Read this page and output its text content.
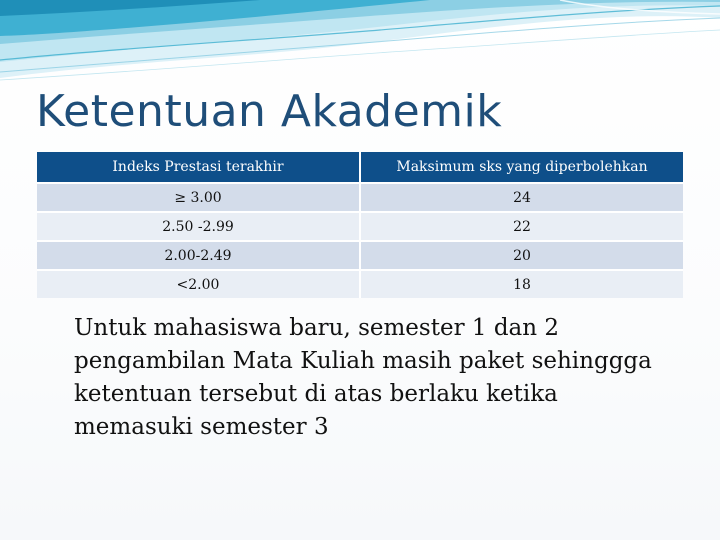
Ketentuan Akademik
Indeks Prestasi terakhir	Maksimum sks yang diperbolehkan
≥ 3.00	24
2.50 -2.99	22
2.00-2.49	20
<2.00	18

Untuk mahasiswa baru, semester 1 dan 2
pengambilan Mata Kuliah masih paket sehinggga
ketentuan tersebut di atas berlaku ketika
memasuki semester 3
